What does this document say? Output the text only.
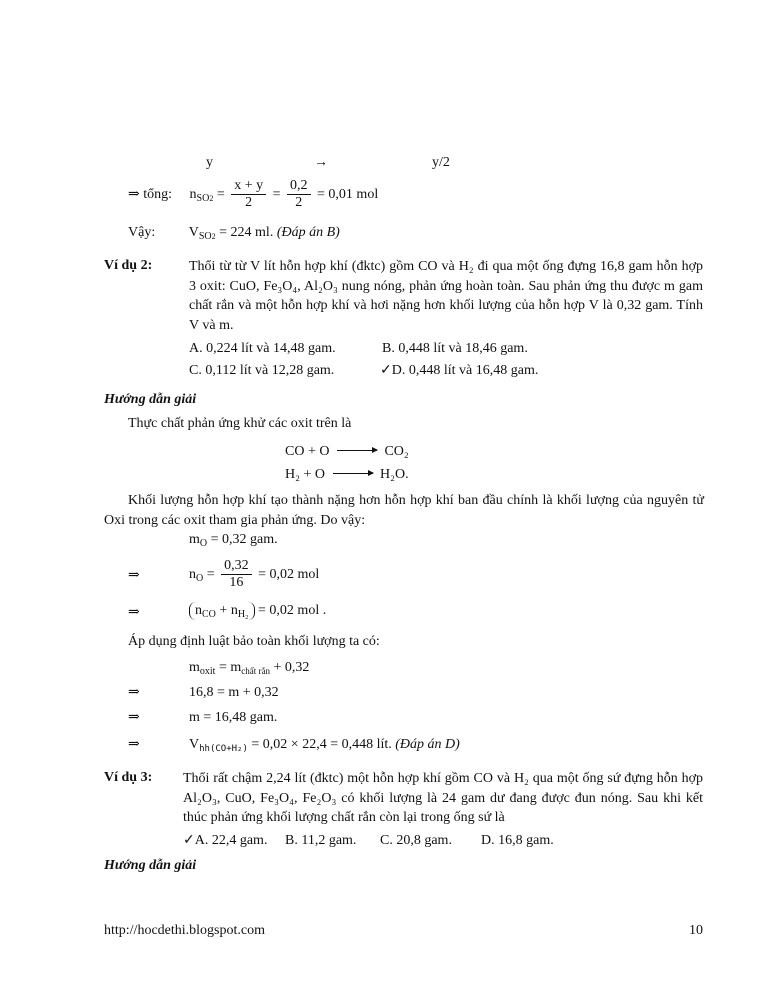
y	→	y/2
⇒ tổng: $n_{SO2} = \frac{x + y}{2} = \frac{0,2}{2} = 0,01$ mol
Vậy: $V_{SO2} = 224$ ml. (Đáp án B)
Ví dụ 2:	Thổi từ từ V lít hỗn hợp khí (đktc) gồm CO và H₂ đi qua một ống đựng 16,8 gam hỗn hợp 3 oxit: CuO, Fe₃O₄, Al₂O₃ nung nóng, phản ứng hoàn toàn. Sau phản ứng thu được m gam chất rắn và một hỗn hợp khí và hơi nặng hơn khối lượng của hỗn hợp V là 0,32 gam. Tính V và m.
A. 0,224 lít và 14,48 gam.	B. 0,448 lít và 18,46 gam.
C. 0,112 lít và 12,28 gam.	✓D. 0,448 lít và 16,48 gam.
Hướng dẫn giải
Thực chất phản ứng khử các oxit trên là
CO + O	CO₂
H₂ + O	H₂O.
Khối lượng hỗn hợp khí tạo thành nặng hơn hỗn hợp khí ban đầu chính là khối lượng của nguyên tử Oxi trong các oxit tham gia phản ứng. Do vậy:
$m_O = 0,32$ gam.
⇒	$n_O = \frac{0,32}{16} = 0,02$ mol
⇒	$n_{CO} + n_{H_2} = 0,02$ mol .
Áp dụng định luật bảo toàn khối lượng ta có:
$m_{oxit} = m_{chất rắn} + 0,32$
⇒	16,8 = m + 0,32
⇒	m = 16,48 gam.
⇒	$V_{hh(CO+H_2)} = 0,02 \times 22,4 = 0,448$ lít. (Đáp án D)
Ví dụ 3: Thổi rất chậm 2,24 lít (đktc) một hỗn hợp khí gồm CO và H₂ qua một ống sứ đựng hỗn hợp Al₂O₃, CuO, Fe₃O₄, Fe₂O₃ có khối lượng là 24 gam dư đang được đun nóng. Sau khi kết thúc phản ứng khối lượng chất rắn còn lại trong ống sứ là
✓A. 22,4 gam. B. 11,2 gam. C. 20,8 gam. D. 16,8 gam.
Hướng dẫn giải
http://hocdethi.blogspot.com	10
